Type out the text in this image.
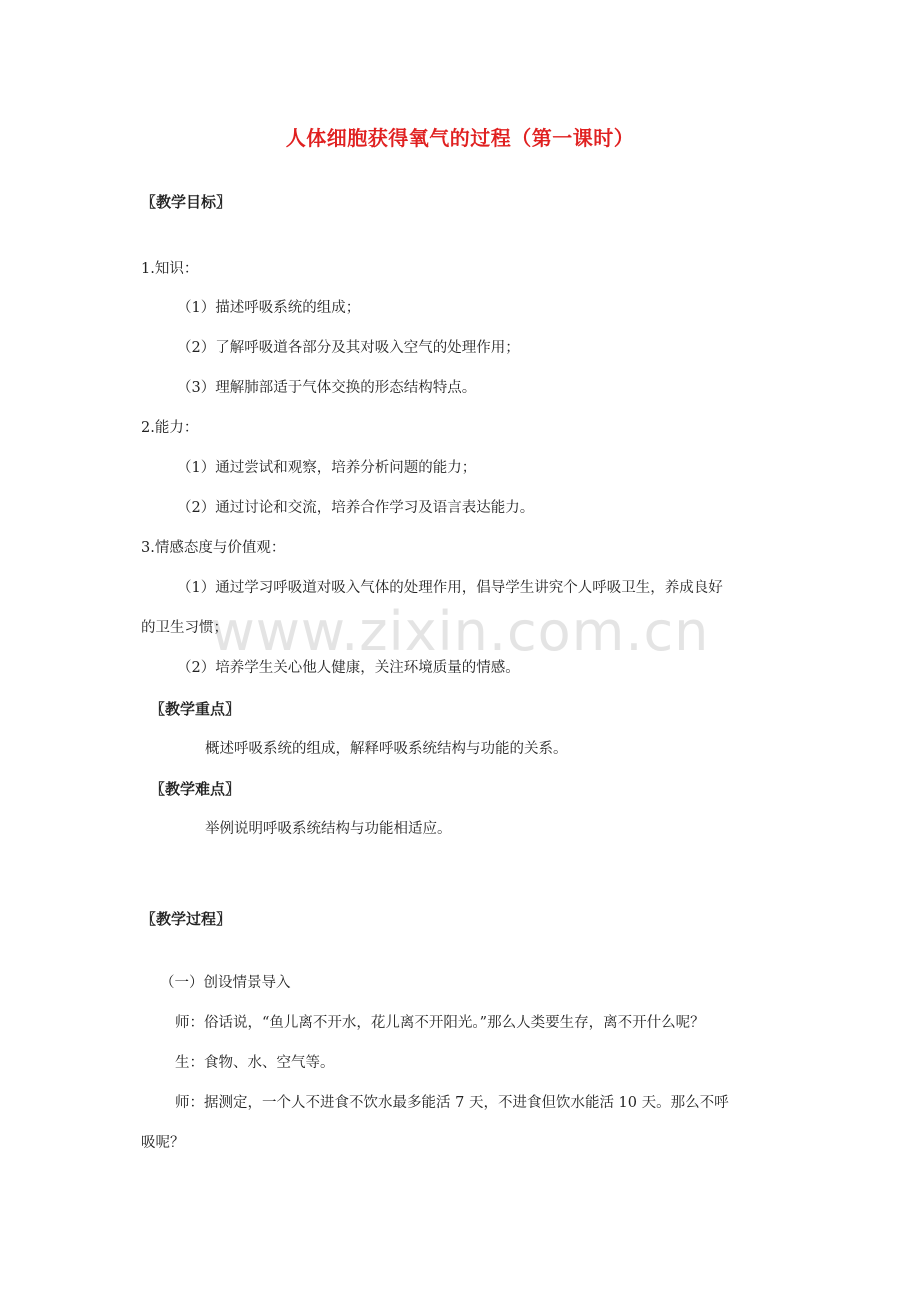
www.zixin.com.cn
人体细胞获得氧气的过程（第一课时）
〖教学目标〗
1.知识：
（1）描述呼吸系统的组成；
（2）了解呼吸道各部分及其对吸入空气的处理作用；
（3）理解肺部适于气体交换的形态结构特点。
2.能力：
（1）通过尝试和观察，培养分析问题的能力；
（2）通过讨论和交流，培养合作学习及语言表达能力。
3.情感态度与价值观：
（1）通过学习呼吸道对吸入气体的处理作用，倡导学生讲究个人呼吸卫生，养成良好
的卫生习惯；
（2）培养学生关心他人健康，关注环境质量的情感。
〖教学重点〗
概述呼吸系统的组成，解释呼吸系统结构与功能的关系。
〖教学难点〗
举例说明呼吸系统结构与功能相适应。
〖教学过程〗
（一）创设情景导入
师：俗话说，“鱼儿离不开水，花儿离不开阳光。”那么人类要生存，离不开什么呢？
生：食物、水、空气等。
师：据测定，一个人不进食不饮水最多能活 7 天，不进食但饮水能活 10 天。那么不呼
吸呢？
